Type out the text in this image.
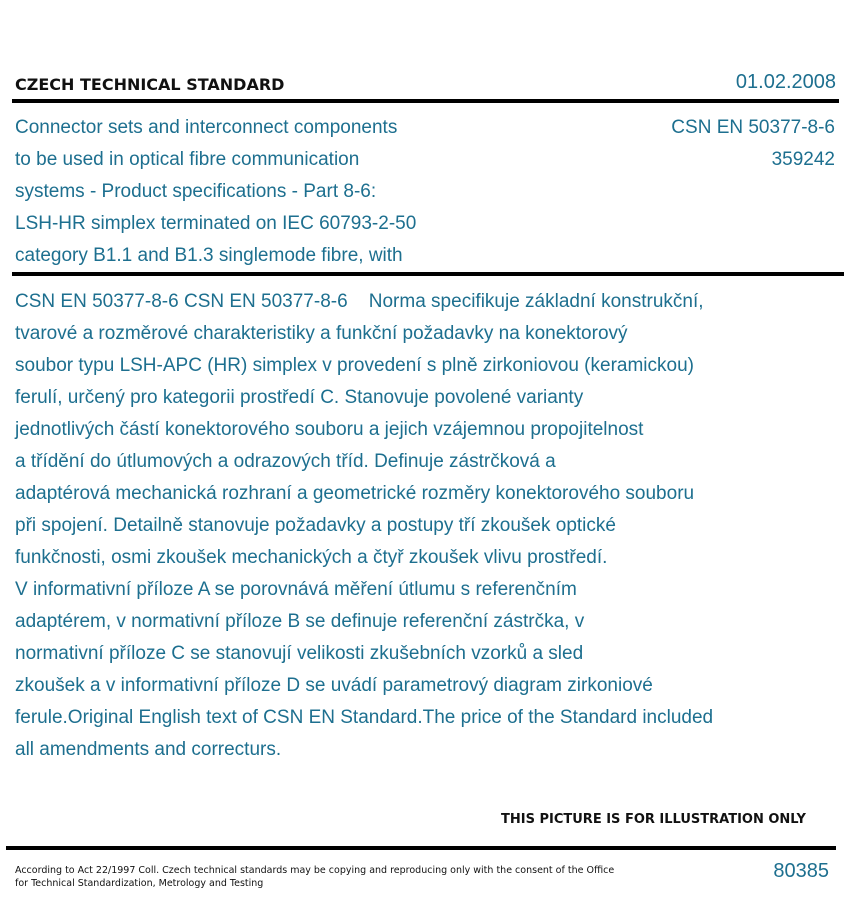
CZECH TECHNICAL STANDARD	01.02.2008
Connector sets and interconnect components
to be used in optical fibre communication
systems - Product specifications - Part 8-6:
LSH-HR simplex terminated on IEC 60793-2-50
category B1.1 and B1.3 singlemode fibre, with
CSN EN 50377-8-6
359242
CSN EN 50377-8-6 CSN EN 50377-8-6    Norma specifikuje základní konstrukční,
tvarové a rozměrové charakteristiky a funkční požadavky na konektorový
soubor typu LSH-APC (HR) simplex v provedení s plně zirkoniovou (keramickou)
ferulí, určený pro kategorii prostředí C. Stanovuje povolené varianty
jednotlivých částí konektorového souboru a jejich vzájemnou propojitelnost
a třídění do útlumových a odrazových tříd. Definuje zástrčková a
adaptérová mechanická rozhraní a geometrické rozměry konektorového souboru
při spojení. Detailně stanovuje požadavky a postupy tří zkoušek optické
funkčnosti, osmi zkoušek mechanických a čtyř zkoušek vlivu prostředí.
V informativní příloze A se porovnává měření útlumu s referenčním
adaptérem, v normativní příloze B se definuje referenční zástrčka, v
normativní příloze C se stanovují velikosti zkušebních vzorků a sled
zkoušek a v informativní příloze D se uvádí parametrový diagram zirkoniové
ferule.Original English text of CSN EN Standard.The price of the Standard included
all amendments and correcturs.
THIS PICTURE IS FOR ILLUSTRATION ONLY
According to Act 22/1997 Coll. Czech technical standards may be copying and reproducing only with the consent of the Office
for Technical Standardization, Metrology and Testing
80385
